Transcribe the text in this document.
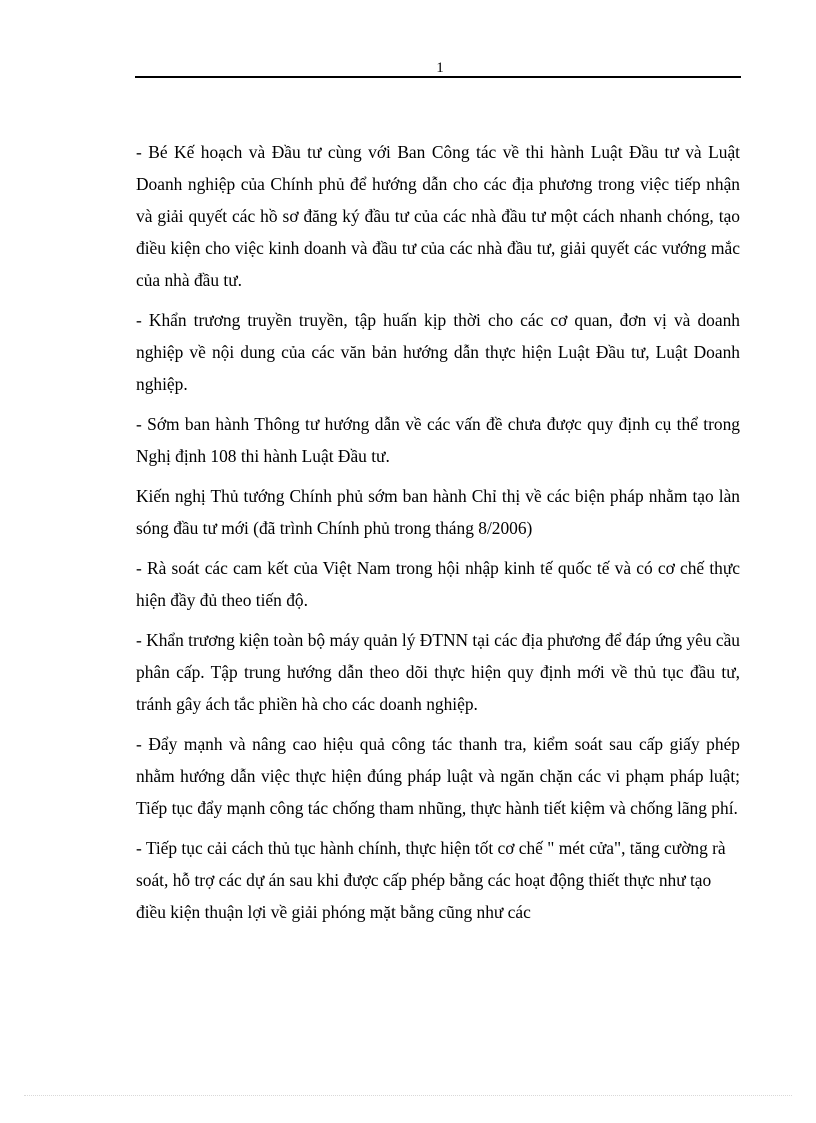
1

- Bé Kế hoạch và Đầu tư cùng với Ban Công tác về thi hành Luật Đầu tư và Luật Doanh nghiệp của Chính phủ để hướng dẫn cho các địa phương trong việc tiếp nhận và giải quyết các hồ sơ đăng ký đầu tư của các nhà đầu tư một cách nhanh chóng, tạo điều kiện cho việc kinh doanh và đầu tư của các nhà đầu tư, giải quyết các vướng mắc của nhà đầu tư.

- Khẩn trương truyền truyền, tập huấn kịp thời cho các cơ quan, đơn vị và doanh nghiệp về nội dung của các văn bản hướng dẫn thực hiện Luật Đầu tư, Luật Doanh nghiệp.

- Sớm ban hành Thông tư hướng dẫn về các vấn đề chưa được quy định cụ thể trong Nghị định 108 thi hành Luật Đầu tư.

Kiến nghị Thủ tướng Chính phủ sớm ban hành Chỉ thị về các biện pháp nhằm tạo làn sóng đầu tư mới (đã trình Chính phủ trong tháng 8/2006)

- Rà soát các cam kết của Việt Nam trong hội nhập kinh tế quốc tế và có cơ chế thực hiện đầy đủ theo tiến độ.

- Khẩn trương kiện toàn bộ máy quản lý ĐTNN tại các địa phương để đáp ứng yêu cầu phân cấp. Tập trung hướng dẫn theo dõi thực hiện quy định mới về thủ tục đầu tư, tránh gây ách tắc phiền hà cho các doanh nghiệp.

- Đẩy mạnh và nâng cao hiệu quả công tác thanh tra, kiểm soát sau cấp giấy phép nhằm hướng dẫn việc thực hiện đúng pháp luật và ngăn chặn các vi phạm pháp luật; Tiếp tục đẩy mạnh công tác chống tham nhũng, thực hành tiết kiệm và chống lãng phí.

- Tiếp tục cải cách thủ tục hành chính, thực hiện tốt cơ chế " mét cửa", tăng cường rà soát, hỗ trợ các dự án sau khi được cấp phép bằng các hoạt động thiết thực như tạo điều kiện thuận lợi về giải phóng mặt bằng cũng như các
